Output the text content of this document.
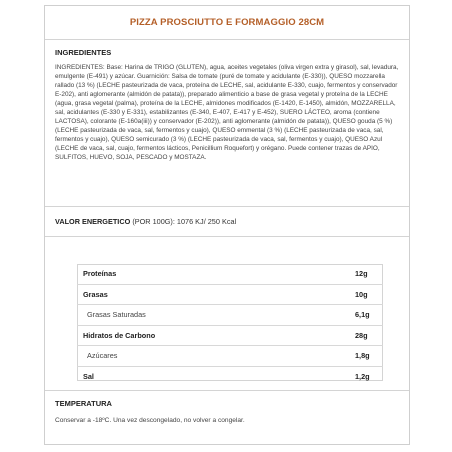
PIZZA PROSCIUTTO E FORMAGGIO 28CM
INGREDIENTES
INGREDIENTES: Base: Harina de TRIGO (GLUTEN), agua, aceites vegetales (oliva virgen extra y girasol), sal, levadura, emulgente (E-491) y azúcar. Guarnición: Salsa de tomate (puré de tomate y acidulante (E-330)), QUESO mozzarella rallado (13 %) (LECHE pasteurizada de vaca, proteína de LECHE, sal, acidulante E-330, cuajo, fermentos y conservador E-202), anti aglomerante (almidón de patata)), preparado alimenticio a base de grasa vegetal y proteína de la LECHE (agua, grasa vegetal (palma), proteína de la LECHE, almidones modificados (E-1420, E-1450), almidón, MOZZARELLA, sal, acidulantes (E-330 y E-331), estabilizantes (E-340, E-407, E-417 y E-452), SUERO LÁCTEO, aroma (contiene LACTOSA), colorante (E-160a(iii)) y conservador (E-202)), anti aglomerante (almidón de patata)), QUESO gouda (5 %)(LECHE pasteurizada de vaca, sal, fermentos y cuajo), QUESO emmental (3 %) (LECHE pasteurizada de vaca, sal, fermentos y cuajo), QUESO semicurado (3 %) (LECHE pasteurizada de vaca, sal, fermentos y cuajo), QUESO Azul (LECHE de vaca, sal, cuajo, fermentos lácticos, Penicillium Roquefort) y orégano. Puede contener trazas de APIO, SULFITOS, HUEVO, SOJA, PESCADO y MOSTAZA.
VALOR ENERGETICO (POR 100G): 1076 KJ/ 250 Kcal
Proteínas	12g
Grasas	10g
Grasas Saturadas	6,1g
Hidratos de Carbono	28g
Azúcares	1,8g
Sal	1,2g
TEMPERATURA
Conservar a -18ºC. Una vez descongelado, no volver a congelar.
